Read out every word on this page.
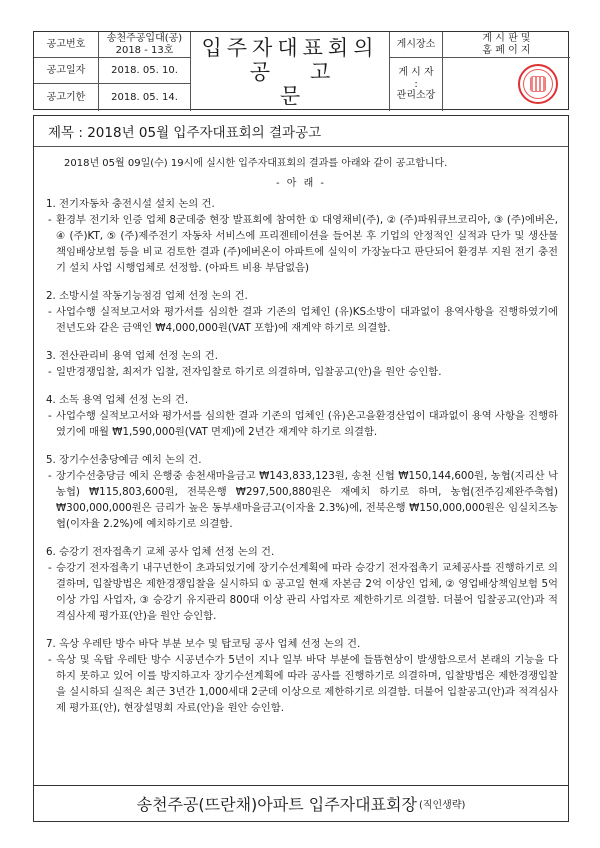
공고번호
송천주공입대(공)
2018 - 13호
공고일자	2018. 05. 10.
공고기한	2018. 05. 14.
입주자대표회의
공고문
게시장소
게 시 판 및
홈 페 이 지
게 시 자
:
관리소장
제목 : 2018년 05월 입주자대표회의 결과공고
2018년 05월 09일(수) 19시에 실시한 입주자대표회의 결과를 아래와 같이 공고합니다.
- 아 래 -
1. 전기자동차 충전시설 설치 논의 건.
- 환경부 전기차 인증 업체 8군데중 현장 발표회에 참여한 ① 대영채비(주), ② (주)파워큐브코리아, ③ (주)에버온, ④ (주)KT, ⑤ (주)제주전기 자동차 서비스에 프리젠테이션을 들어본 후 기업의 안정적인 실적과 단가 및 생산물책임배상보험 등을 비교 검토한 결과 (주)에버온이 아파트에 실익이 가장높다고 판단되어 환경부 지원 전기 충전기 설치 사업 시행업체로 선정함. (아파트 비용 부담없음)
2. 소방시설 작동기능점검 업체 선정 논의 건.
- 사업수행 실적보고서와 평가서를 심의한 결과 기존의 업체인 (유)KS소방이 대과없이 용역사항을 진행하였기에 전년도와 같은 금액인 ₩4,000,000원(VAT 포함)에 재계약 하기로 의결함.
3. 전산관리비 용역 업체 선정 논의 건.
- 일반경쟁입찰, 최저가 입찰, 전자입찰로 하기로 의결하며, 입찰공고(안)을 원안 승인함.
4. 소독 용역 업체 선정 논의 건.
- 사업수행 실적보고서와 평가서를 심의한 결과 기존의 업체인 (유)온고을환경산업이 대과없이 용역 사항을 진행하였기에 매월 ₩1,590,000원(VAT 면제)에 2년간 재계약 하기로 의결함.
5. 장기수선충당예금 예치 논의 건.
- 장기수선충당금 예치 은행중 송천새마을금고 ₩143,833,123원, 송천 신협 ₩150,144,600원, 농협(지리산 낙농협) ₩115,803,600원, 전북은행 ₩297,500,880원은 재예치 하기로 하며, 농협(전주김제완주축협) ₩300,000,000원은 금리가 높은 동부새마을금고(이자율 2.3%)에, 전북은행 ₩150,000,000원은 임실치즈농협(이자율 2.2%)에 예치하기로 의결함.
6. 승강기 전자접촉기 교체 공사 업체 선정 논의 건.
- 승강기 전자접촉기 내구년한이 초과되었기에 장기수선계획에 따라 승강기 전자접촉기 교체공사를 진행하기로 의결하며, 입찰방법은 제한경쟁입찰을 실시하되 ① 공고일 현재 자본금 2억 이상인 업체, ② 영업배상책임보험 5억 이상 가입 사업자, ③ 승강기 유지관리 800대 이상 관리 사업자로 제한하기로 의결함. 더불어 입찰공고(안)과 적격심사제 평가표(안)을 원안 승인함.
7. 옥상 우레탄 방수 바닥 부분 보수 및 탑코팅 공사 업체 선정 논의 건.
- 옥상 및 옥탑 우레탄 방수 시공년수가 5년이 지나 일부 바닥 부분에 들뜸현상이 발생함으로서 본래의 기능을 다하지 못하고 있어 이를 방지하고자 장기수선계획에 따라 공사를 진행하기로 의결하며, 입찰방법은 제한경쟁입찰을 실시하되 실적은 최근 3년간 1,000세대 2군데 이상으로 제한하기로 의결함. 더불어 입찰공고(안)과 적격심사제 평가표(안), 현장설명회 자료(안)을 원안 승인함.
송천주공(뜨란채)아파트 입주자대표회장 (직인생략)
